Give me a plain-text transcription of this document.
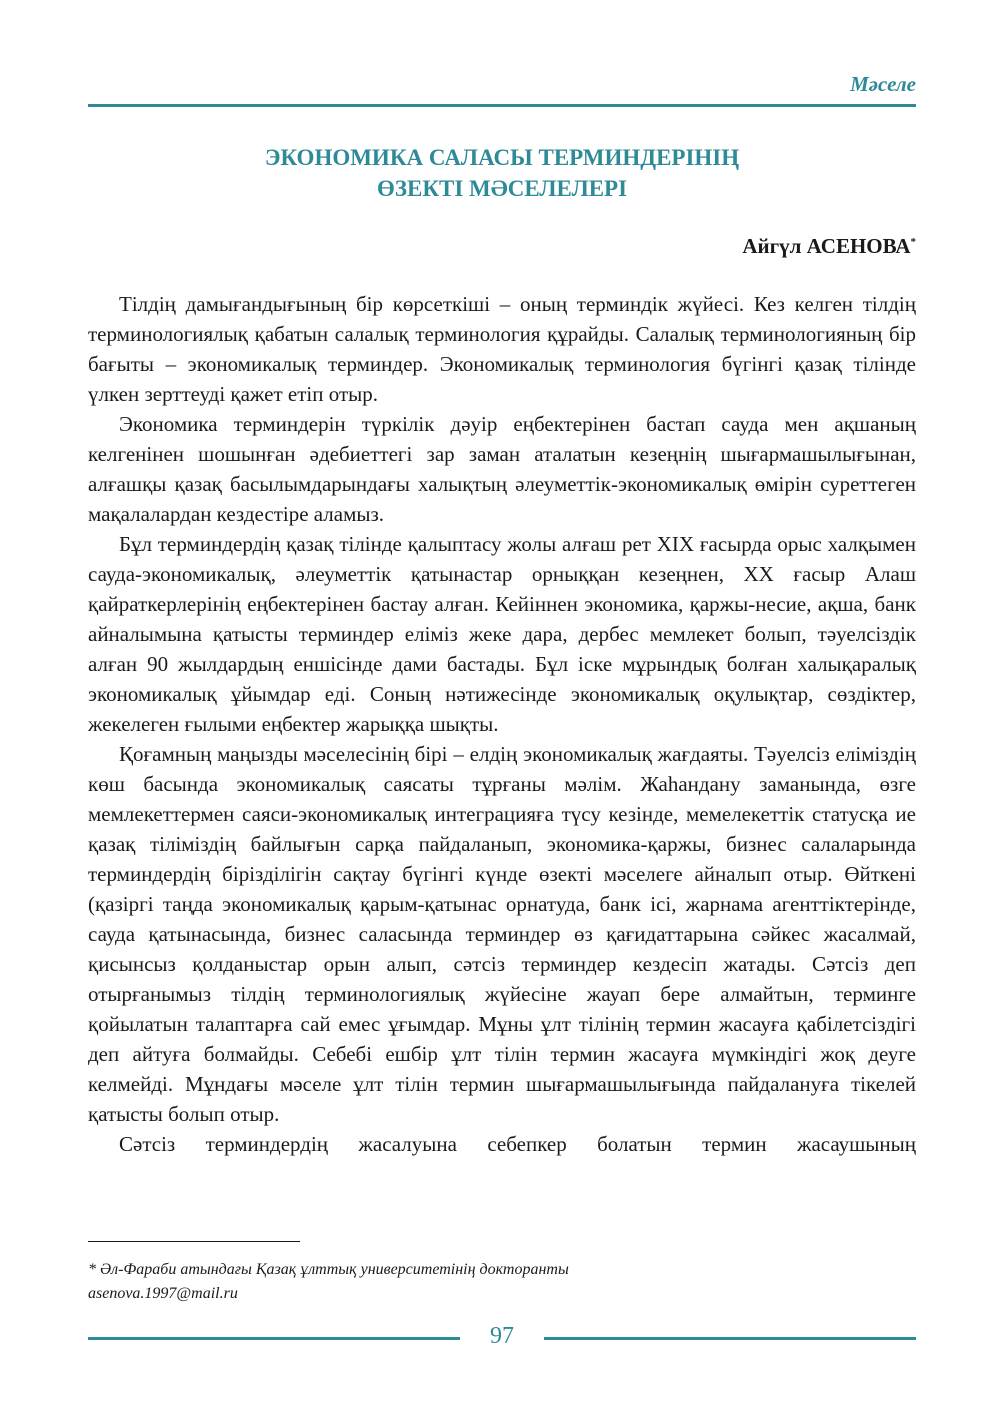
Мәселе
ЭКОНОМИКА САЛАСЫ ТЕРМИНДЕРІНІҢ
ӨЗЕКТІ МӘСЕЛЕЛЕРІ
Айгүл АСЕНОВА*

Тілдің дамығандығының бір көрсеткіші – оның терминдік жүйесі. Кез келген тілдің терминологиялық қабатын салалық терминология құрайды. Салалық терминологияның бір бағыты – экономикалық терминдер. Экономикалық терминология бүгінгі қазақ тілінде үлкен зерттеуді қажет етіп отыр.

Экономика терминдерін түркілік дәуір еңбектерінен бастап сауда мен ақшаның келгенінен шошынған әдебиеттегі зар заман аталатын кезеңнің шығармашылығынан, алғашқы қазақ басылымдарындағы халықтың әлеуметтік-экономикалық өмірін суреттеген мақалалардан кездестіре аламыз.

Бұл терминдердің қазақ тілінде қалыптасу жолы алғаш рет XIX ғасырда орыс халқымен сауда-экономикалық, әлеуметтік қатынастар орныққан кезеңнен, XX ғасыр Алаш қайраткерлерінің еңбектерінен бастау алған. Кейіннен экономика, қаржы-несие, ақша, банк айналымына қатысты терминдер еліміз жеке дара, дербес мемлекет болып, тәуелсіздік алған 90 жылдардың еншісінде дами бастады. Бұл іске мұрындық болған халықаралық экономикалық ұйымдар еді. Соның нәтижесінде экономикалық оқулықтар, сөздіктер, жекелеген ғылыми еңбектер жарыққа шықты.

Қоғамның маңызды мәселесінің бірі – елдің экономикалық жағдаяты. Тәуелсіз еліміздің көш басында экономикалық саясаты тұрғаны мәлім. Жаһандану заманында, өзге мемлекеттермен саяси-экономикалық интеграцияға түсу кезінде, мемелекеттік статусқа ие қазақ тіліміздің байлығын сарқа пайдаланып, экономика-қаржы, бизнес салаларында терминдердің бірізділігін сақтау бүгінгі күнде өзекті мәселеге айналып отыр. Өйткені (қазіргі таңда экономикалық қарым-қатынас орнатуда, банк ісі, жарнама агенттіктерінде, сауда қатынасында, бизнес саласында терминдер өз қағидаттарына сәйкес жасалмай, қисынсыз қолданыстар орын алып, сәтсіз терминдер кездесіп жатады. Сәтсіз деп отырғанымыз тілдің терминологиялық жүйесіне жауап бере алмайтын, терминге қойылатын талаптарға сай емес ұғымдар. Мұны ұлт тілінің термин жасауға қабілетсіздігі деп айтуға болмайды. Себебі ешбір ұлт тілін термин жасауға мүмкіндігі жоқ деуге келмейді. Мұндағы мәселе ұлт тілін термин шығармашылығында пайдалануға тікелей қатысты болып отыр.

Сәтсіз терминдердің жасалуына себепкер болатын термин жасаушының

* Әл-Фараби атындағы Қазақ ұлттық университетінің докторанты
asenova.1997@mail.ru
97
